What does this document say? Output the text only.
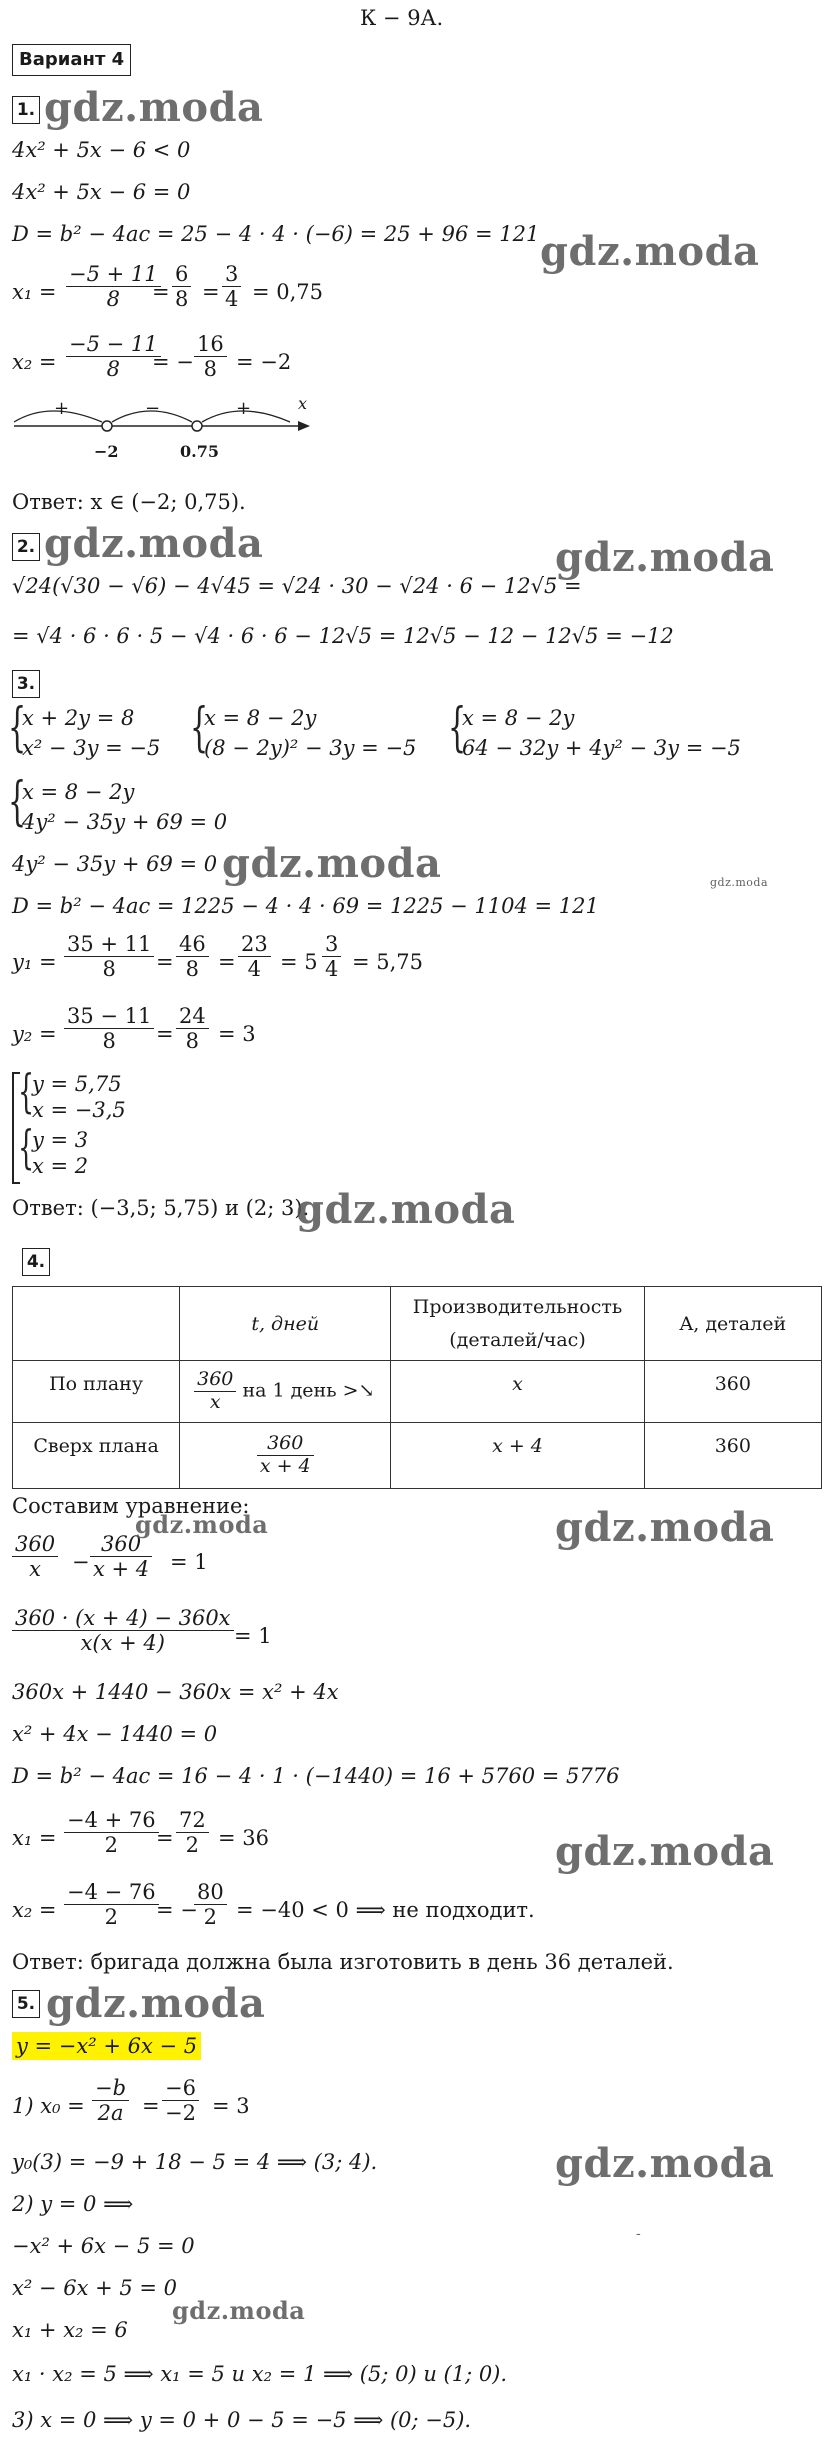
К − 9А.
Вариант 4
1. gdz.moda
4x² + 5x − 6 < 0
4x² + 5x − 6 = 0
D = b² − 4ac = 25 − 4 · 4 · (−6) = 25 + 96 = 121 gdz.moda
$x_1 = \frac{-5 + 11}{8}$
= $\frac{6}{8} = \frac{3}{4} = 0,75$
$x_2 = \frac{-5 - 11}{8}$
= − $\frac{16}{8} = -2$
+	−	+	x
−2	0.75
Ответ: x ∈ (−2; 0,75).
2. gdz.moda	gdz.moda
√24(√30 − √6) − 4√45 = √24 · 30 − √24 · 6 − 12√5 =
= √4 · 6 · 6 · 5 − √4 · 6 · 6 − 12√5 = 12√5 − 12 − 12√5 = −12
3.
{
x + 2y = 8
x² − 3y = −5 {
x = 8 − 2y
(8 − 2y)² − 3y = −5 {
x = 8 − 2y
64 − 32y + 4y² − 3y = −5
{
x = 8 − 2y
4y² − 35y + 69 = 0
4y² − 35y + 69 = 0 gdz.moda
D = b² − 4ac = 1225 − 4 · 4 · 69 = 1225 − 1104 = 121
gdz.moda
$y_1 = \frac{35 + 11}{8} = \frac{46}{8} = \frac{23}{4} = 5 \frac{3}{4} = 5,75$
$y_2 = \frac{35 - 11}{8} = \frac{24}{8} = 3$
{
y = 5,75
x = −3,5
{
y = 3
x = 2
Ответ: (−3,5; 5,75) и (2; 3).
gdz.moda
4.
	t, дней	Производительность
(деталей/час)	A, деталей
По плану	$\frac{360}{x}$ на 1 день >↘	x	360
Сверх плана	$\frac{360}{x + 4}$	x + 4	360
Составим уравнение:	gdz.moda
$\frac{360}{x} - \frac{360}{x + 4} = 1$
gdz.moda
$\frac{360 \cdot (x + 4) - 360x}{x(x + 4)} = 1$
360x + 1440 − 360x = x² + 4x
x² + 4x − 1440 = 0
D = b² − 4ac = 16 − 4 · 1 · (−1440) = 16 + 5760 = 5776
$x_1 = \frac{-4 + 76}{2}$
= $\frac{72}{2} = 36$	gdz.moda
$x_2 = \frac{-4 - 76}{2}$
= −
$\frac{80}{2} = -40 < 0$ ⟹ не подходит.
Ответ: бригада должна была изготовить в день 36 деталей.
5. gdz.moda
y = −x² + 6x − 5
1) $x_0 = \frac{-b}{2a} = \frac{-6}{-2} = 3$
y₀(3) = −9 + 18 − 5 = 4 ⟹ (3; 4).	gdz.moda
2) y = 0 ⟹
−x² + 6x − 5 = 0	-
x² − 6x + 5 = 0
x₁ + x₂ = 6
gdz.moda
x₁ · x₂ = 5 ⟹ x₁ = 5 и x₂ = 1 ⟹ (5; 0) и (1; 0).
3) x = 0 ⟹ y = 0 + 0 − 5 = −5 ⟹ (0; −5).
